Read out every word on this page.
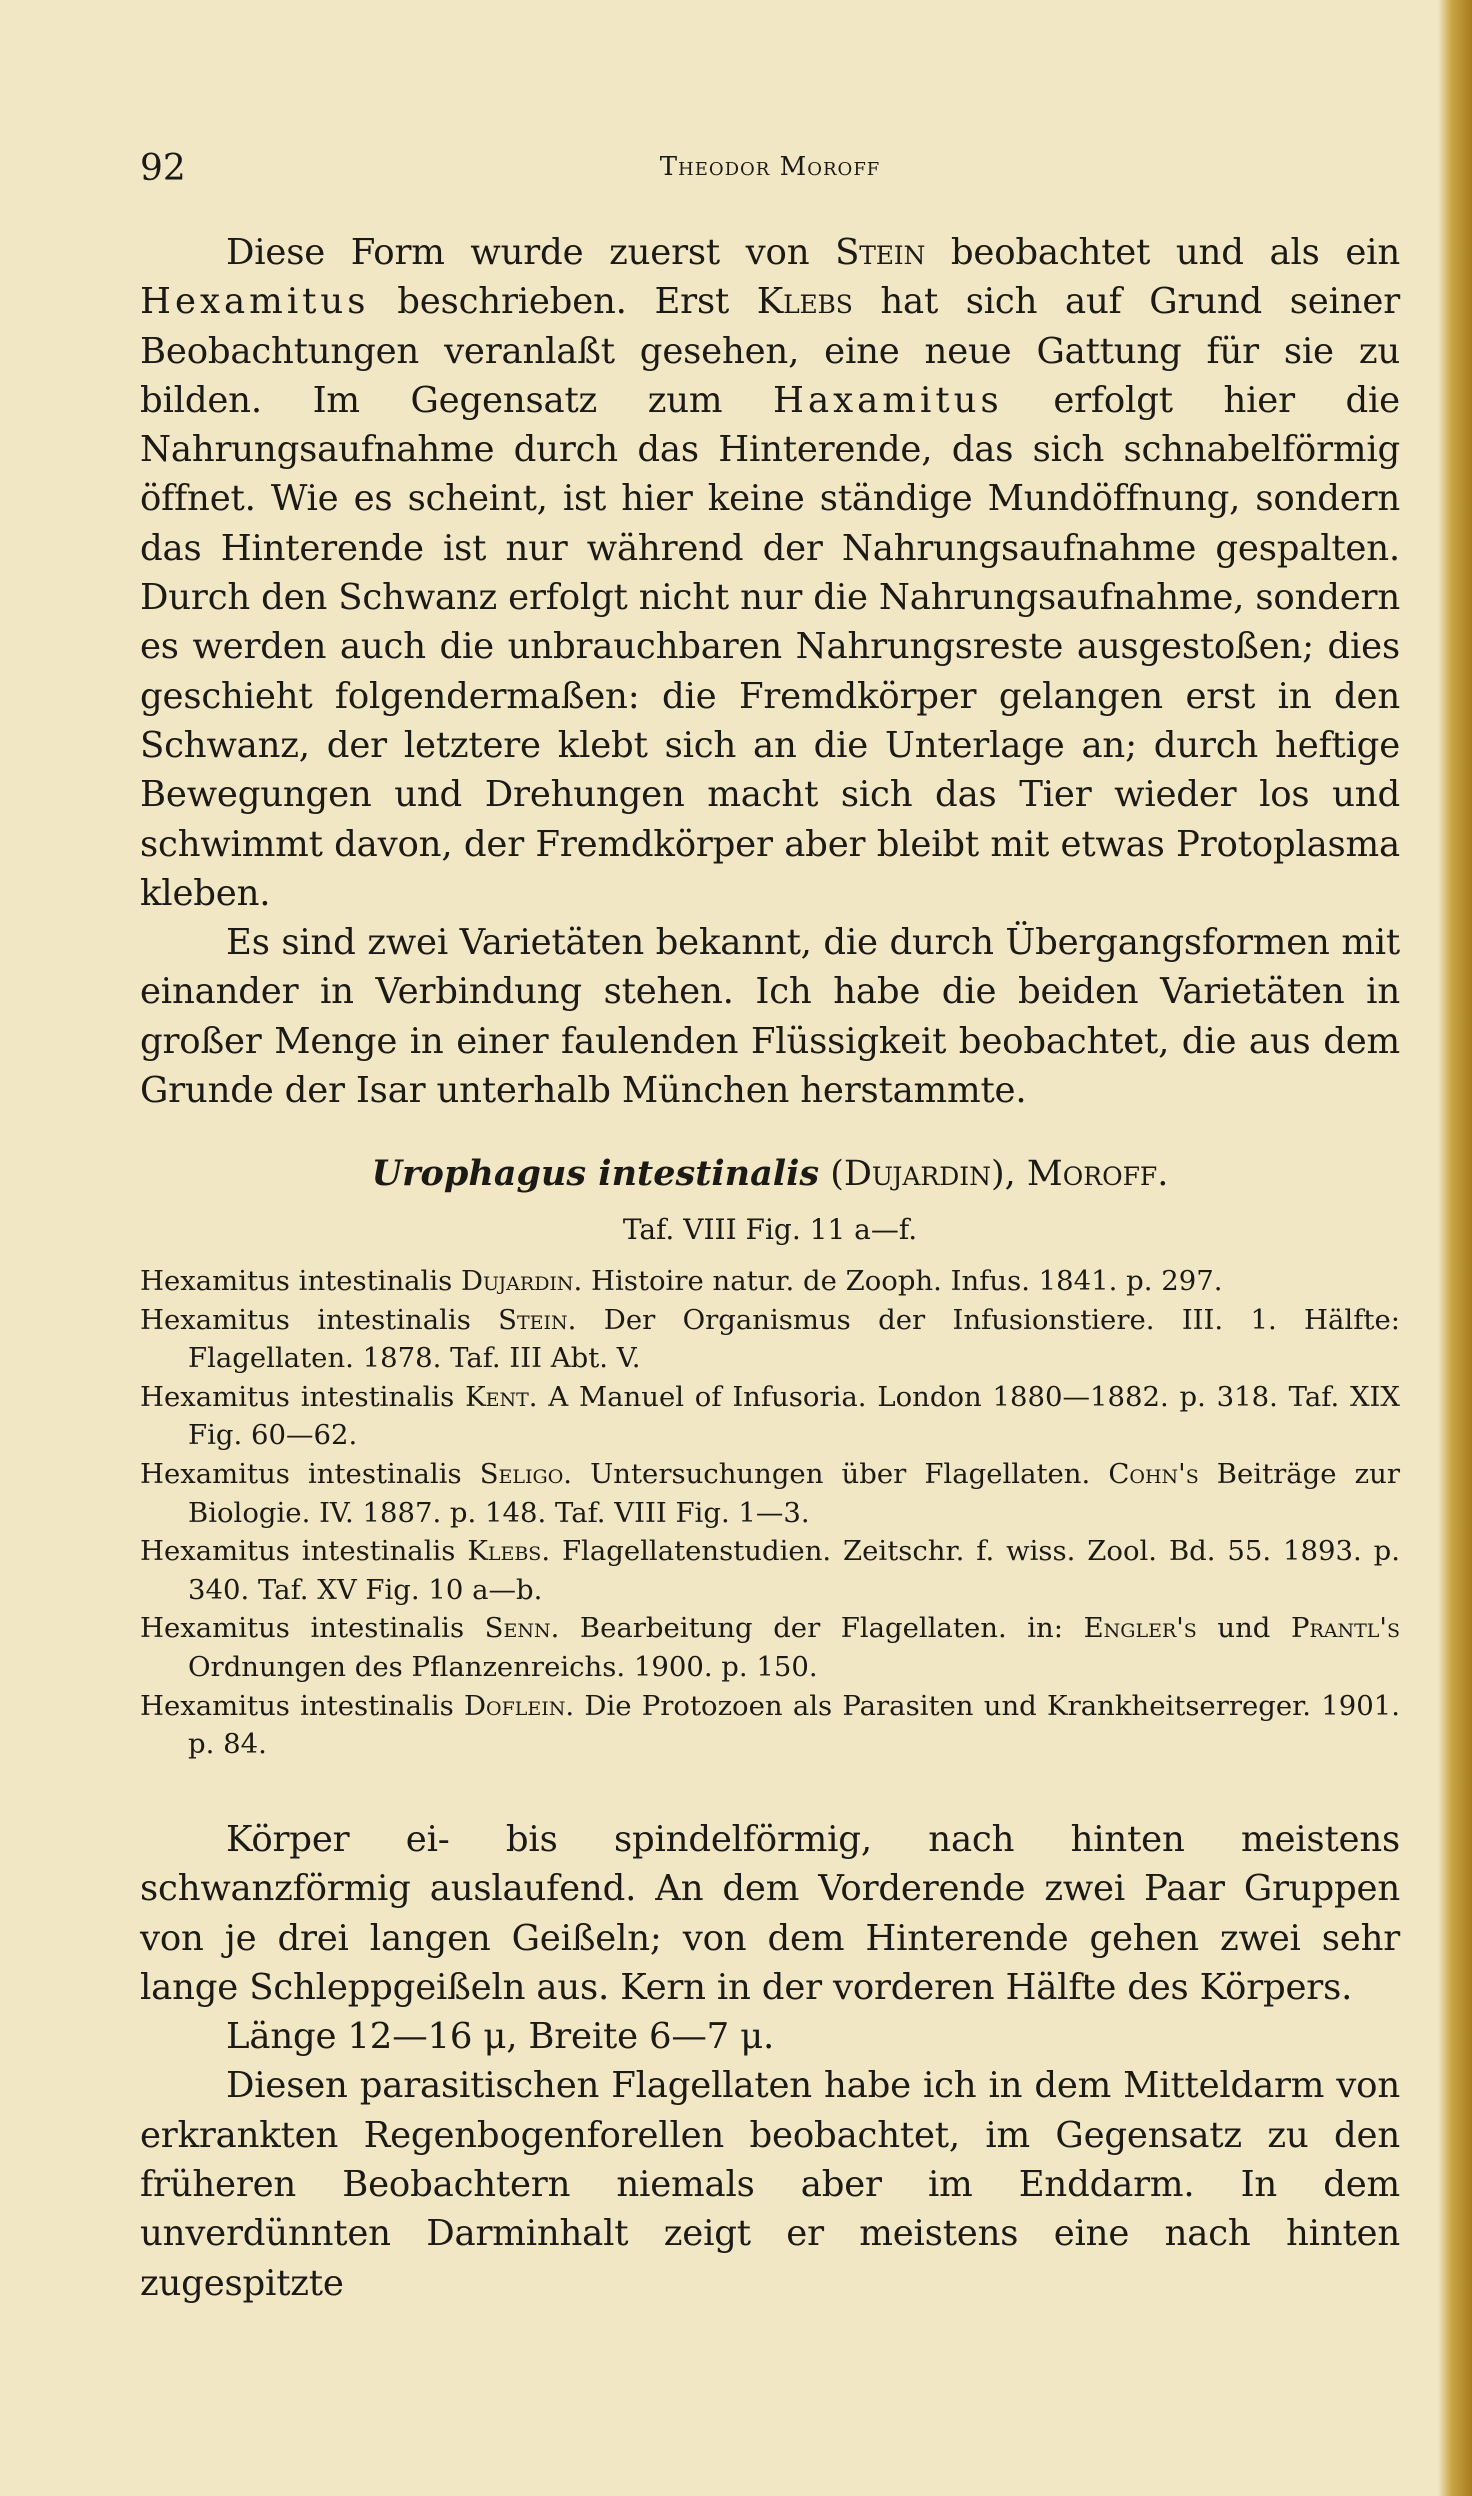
92	Theodor Moroff

Diese Form wurde zuerst von Stein beobachtet und als ein Hexamitus beschrieben. Erst Klebs hat sich auf Grund seiner Beobachtungen veranlaßt gesehen, eine neue Gattung für sie zu bilden. Im Gegensatz zum Haxamitus erfolgt hier die Nahrungsaufnahme durch das Hinterende, das sich schnabelförmig öffnet. Wie es scheint, ist hier keine ständige Mundöffnung, sondern das Hinterende ist nur während der Nahrungsaufnahme gespalten. Durch den Schwanz erfolgt nicht nur die Nahrungsaufnahme, sondern es werden auch die unbrauchbaren Nahrungsreste ausgestoßen; dies geschieht folgendermaßen: die Fremdkörper gelangen erst in den Schwanz, der letztere klebt sich an die Unterlage an; durch heftige Bewegungen und Drehungen macht sich das Tier wieder los und schwimmt davon, der Fremdkörper aber bleibt mit etwas Protoplasma kleben.

Es sind zwei Varietäten bekannt, die durch Übergangsformen mit einander in Verbindung stehen. Ich habe die beiden Varietäten in großer Menge in einer faulenden Flüssigkeit beobachtet, die aus dem Grunde der Isar unterhalb München herstammte.

Urophagus intestinalis (Dujardin), Moroff.
Taf. VIII Fig. 11 a—f.
Hexamitus intestinalis Dujardin. Histoire natur. de Zooph. Infus. 1841. p. 297.
Hexamitus intestinalis Stein. Der Organismus der Infusionstiere. III. 1. Hälfte: Flagellaten. 1878. Taf. III Abt. V.
Hexamitus intestinalis Kent. A Manuel of Infusoria. London 1880—1882. p. 318. Taf. XIX Fig. 60—62.
Hexamitus intestinalis Seligo. Untersuchungen über Flagellaten. Cohn's Beiträge zur Biologie. IV. 1887. p. 148. Taf. VIII Fig. 1—3.
Hexamitus intestinalis Klebs. Flagellatenstudien. Zeitschr. f. wiss. Zool. Bd. 55. 1893. p. 340. Taf. XV Fig. 10 a—b.
Hexamitus intestinalis Senn. Bearbeitung der Flagellaten. in: Engler's und Prantl's Ordnungen des Pflanzenreichs. 1900. p. 150.
Hexamitus intestinalis Doflein. Die Protozoen als Parasiten und Krankheitserreger. 1901. p. 84.

Körper ei- bis spindelförmig, nach hinten meistens schwanzförmig auslaufend. An dem Vorderende zwei Paar Gruppen von je drei langen Geißeln; von dem Hinterende gehen zwei sehr lange Schleppgeißeln aus. Kern in der vorderen Hälfte des Körpers.

Länge 12—16 μ, Breite 6—7 μ.

Diesen parasitischen Flagellaten habe ich in dem Mitteldarm von erkrankten Regenbogenforellen beobachtet, im Gegensatz zu den früheren Beobachtern niemals aber im Enddarm. In dem unverdünnten Darminhalt zeigt er meistens eine nach hinten zugespitzte
